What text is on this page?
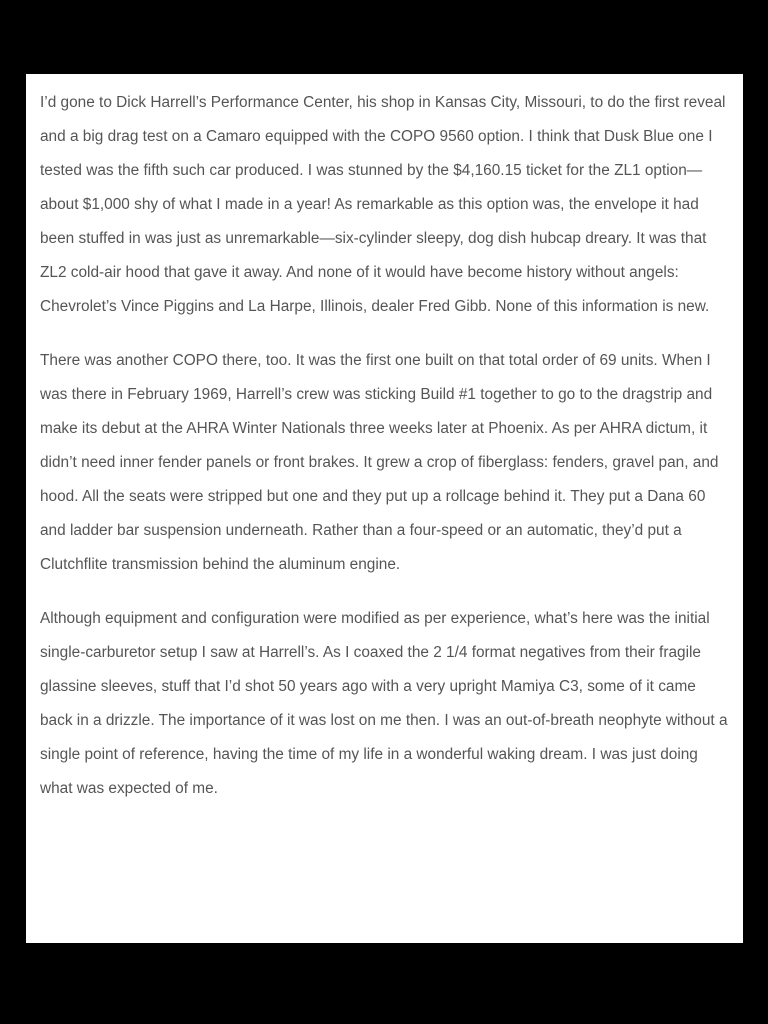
I’d gone to Dick Harrell’s Performance Center, his shop in Kansas City, Missouri, to do the first reveal and a big drag test on a Camaro equipped with the COPO 9560 option. I think that Dusk Blue one I tested was the fifth such car produced. I was stunned by the $4,160.15 ticket for the ZL1 option—about $1,000 shy of what I made in a year! As remarkable as this option was, the envelope it had been stuffed in was just as unremarkable—six-cylinder sleepy, dog dish hubcap dreary. It was that ZL2 cold-air hood that gave it away. And none of it would have become history without angels: Chevrolet’s Vince Piggins and La Harpe, Illinois, dealer Fred Gibb. None of this information is new.

There was another COPO there, too. It was the first one built on that total order of 69 units. When I was there in February 1969, Harrell’s crew was sticking Build #1 together to go to the dragstrip and make its debut at the AHRA Winter Nationals three weeks later at Phoenix. As per AHRA dictum, it didn’t need inner fender panels or front brakes. It grew a crop of fiberglass: fenders, gravel pan, and hood. All the seats were stripped but one and they put up a rollcage behind it. They put a Dana 60 and ladder bar suspension underneath. Rather than a four-speed or an automatic, they’d put a Clutchflite transmission behind the aluminum engine.

Although equipment and configuration were modified as per experience, what’s here was the initial single-carburetor setup I saw at Harrell’s. As I coaxed the 2 1/4 format negatives from their fragile glassine sleeves, stuff that I’d shot 50 years ago with a very upright Mamiya C3, some of it came back in a drizzle. The importance of it was lost on me then. I was an out-of-breath neophyte without a single point of reference, having the time of my life in a wonderful waking dream. I was just doing what was expected of me.
